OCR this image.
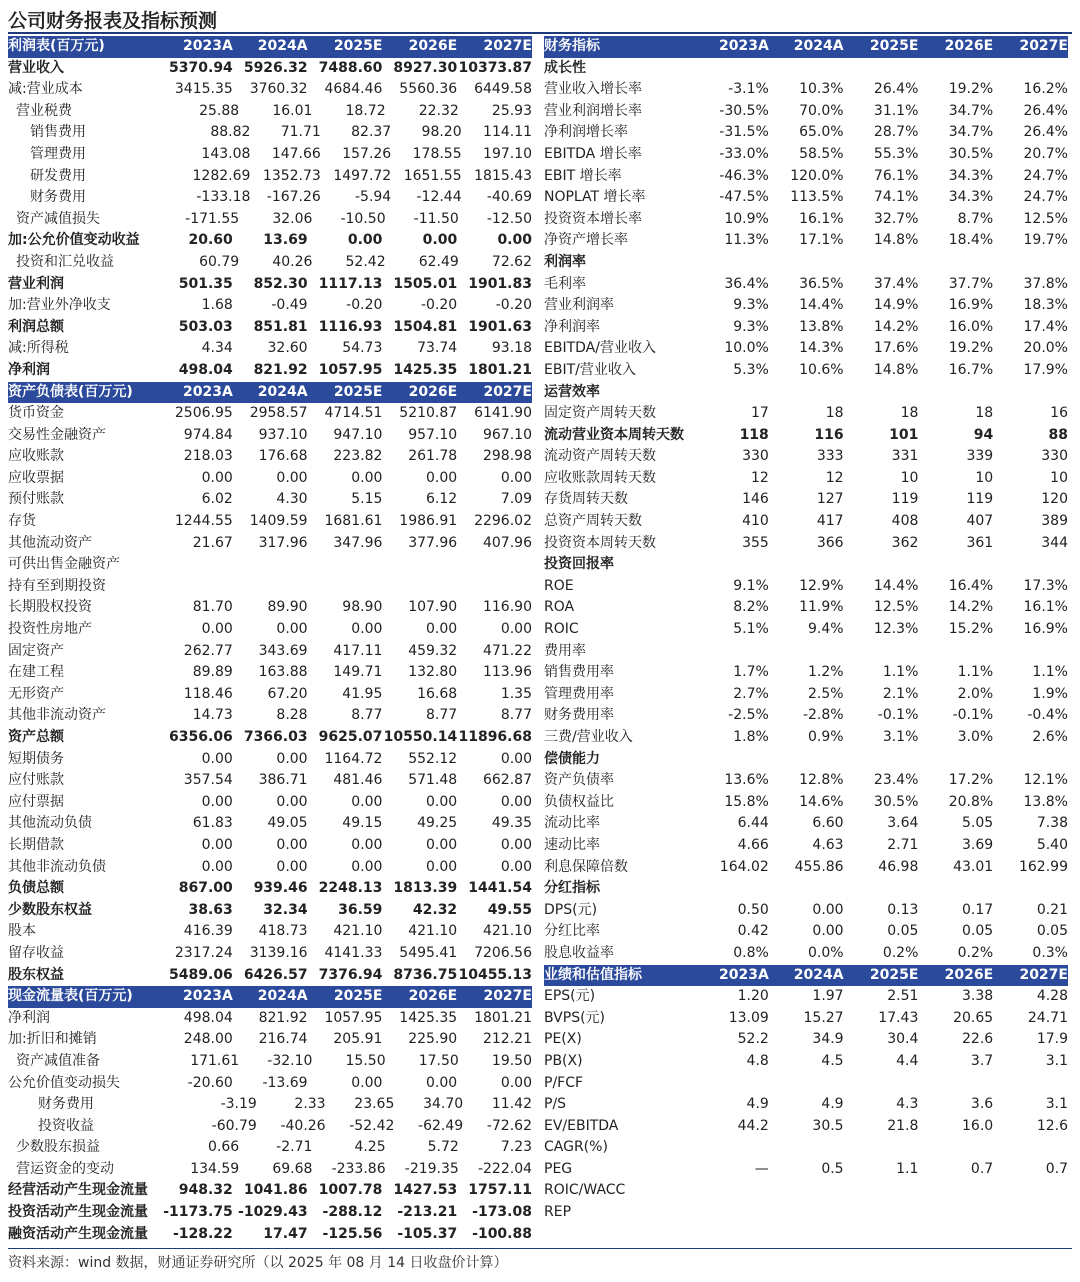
公司财务报表及指标预测
利润表(百万元)	2023A	2024A	2025E	2026E	2027E
营业收入	5370.94 5926.32 7488.60 8927.30 10373.87
减:营业成本	3415.35	3760.32	4684.46	5560.36	6449.58
营业税费	25.88	16.01	18.72	22.32	25.93
销售费用	88.82	71.71	82.37	98.20	114.11
管理费用	143.08	147.66	157.26	178.55	197.10
研发费用	1282.69 1352.73 1497.72 1651.55 1815.43
财务费用	-133.18	-167.26	-5.94	-12.44	-40.69
资产减值损失	-171.55	32.06	-10.50	-11.50	-12.50
加:公允价值变动收益	20.60	13.69	0.00	0.00	0.00
投资和汇兑收益	60.79	40.26	52.42	62.49	72.62
营业利润	501.35	852.30 1117.13 1505.01 1901.83
加:营业外净收支	1.68	-0.49	-0.20	-0.20	-0.20
利润总额	503.03	851.81 1116.93 1504.81 1901.63
减:所得税	4.34	32.60	54.73	73.74	93.18
净利润	498.04	821.92 1057.95 1425.35 1801.21
资产负债表(百万元)	2023A	2024A	2025E	2026E	2027E
货币资金	2506.95	2958.57	4714.51	5210.87	6141.90
交易性金融资产	974.84	937.10	947.10	957.10	967.10
应收账款	218.03	176.68	223.82	261.78	298.98
应收票据	0.00	0.00	0.00	0.00	0.00
预付账款	6.02	4.30	5.15	6.12	7.09
存货	1244.55	1409.59	1681.61	1986.91	2296.02
其他流动资产	21.67	317.96	347.96	377.96	407.96
可供出售金融资产
持有至到期投资
长期股权投资	81.70	89.90	98.90	107.90	116.90
投资性房地产	0.00	0.00	0.00	0.00	0.00
固定资产	262.77	343.69	417.11	459.32	471.22
在建工程	89.89	163.88	149.71	132.80	113.96
无形资产	118.46	67.20	41.95	16.68	1.35
其他非流动资产	14.73	8.28	8.77	8.77	8.77
资产总额	6356.06 7366.03 9625.07 10550.14 11896.68
短期债务	0.00	0.00	1164.72	552.12	0.00
应付账款	357.54	386.71	481.46	571.48	662.87
应付票据	0.00	0.00	0.00	0.00	0.00
其他流动负债	61.83	49.05	49.15	49.25	49.35
长期借款	0.00	0.00	0.00	0.00	0.00
其他非流动负债	0.00	0.00	0.00	0.00	0.00
负债总额	867.00	939.46 2248.13 1813.39 1441.54
少数股东权益	38.63	32.34	36.59	42.32	49.55
股本	416.39	418.73	421.10	421.10	421.10
留存收益	2317.24	3139.16	4141.33	5495.41	7206.56
股东权益	5489.06 6426.57 7376.94 8736.75 10455.13
现金流量表(百万元)	2023A	2024A	2025E	2026E	2027E
净利润	498.04	821.92	1057.95	1425.35	1801.21
加:折旧和摊销	248.00	216.74	205.91	225.90	212.21
资产减值准备	171.61	-32.10	15.50	17.50	19.50
公允价值变动损失	-20.60	-13.69	0.00	0.00	0.00
财务费用	-3.19	2.33	23.65	34.70	11.42
投资收益	-60.79	-40.26	-52.42	-62.49	-72.62
少数股东损益	0.66	-2.71	4.25	5.72	7.23
营运资金的变动	134.59	69.68	-233.86	-219.35	-222.04
经营活动产生现金流量	948.32 1041.86 1007.78 1427.53 1757.11
投资活动产生现金流量	-1173.75 -1029.43	-288.12	-213.21	-173.08
融资活动产生现金流量	-128.22	17.47	-125.56	-105.37	-100.88
财务指标	2023A	2024A	2025E	2026E	2027E
成长性
营业收入增长率	-3.1%	10.3%	26.4%	19.2%	16.2%
营业利润增长率	-30.5%	70.0%	31.1%	34.7%	26.4%
净利润增长率	-31.5%	65.0%	28.7%	34.7%	26.4%
EBITDA 增长率	-33.0%	58.5%	55.3%	30.5%	20.7%
EBIT 增长率	-46.3%	120.0%	76.1%	34.3%	24.7%
NOPLAT 增长率	-47.5%	113.5%	74.1%	34.3%	24.7%
投资资本增长率	10.9%	16.1%	32.7%	8.7%	12.5%
净资产增长率	11.3%	17.1%	14.8%	18.4%	19.7%
利润率
毛利率	36.4%	36.5%	37.4%	37.7%	37.8%
营业利润率	9.3%	14.4%	14.9%	16.9%	18.3%
净利润率	9.3%	13.8%	14.2%	16.0%	17.4%
EBITDA/营业收入	10.0%	14.3%	17.6%	19.2%	20.0%
EBIT/营业收入	5.3%	10.6%	14.8%	16.7%	17.9%
运营效率
固定资产周转天数	17	18	18	18	16
流动营业资本周转天数	118	116	101	94	88
流动资产周转天数	330	333	331	339	330
应收账款周转天数	12	12	10	10	10
存货周转天数	146	127	119	119	120
总资产周转天数	410	417	408	407	389
投资资本周转天数	355	366	362	361	344
投资回报率
ROE	9.1%	12.9%	14.4%	16.4%	17.3%
ROA	8.2%	11.9%	12.5%	14.2%	16.1%
ROIC	5.1%	9.4%	12.3%	15.2%	16.9%
费用率
销售费用率	1.7%	1.2%	1.1%	1.1%	1.1%
管理费用率	2.7%	2.5%	2.1%	2.0%	1.9%
财务费用率	-2.5%	-2.8%	-0.1%	-0.1%	-0.4%
三费/营业收入	1.8%	0.9%	3.1%	3.0%	2.6%
偿债能力
资产负债率	13.6%	12.8%	23.4%	17.2%	12.1%
负债权益比	15.8%	14.6%	30.5%	20.8%	13.8%
流动比率	6.44	6.60	3.64	5.05	7.38
速动比率	4.66	4.63	2.71	3.69	5.40
利息保障倍数	164.02	455.86	46.98	43.01	162.99
分红指标
DPS(元)	0.50	0.00	0.13	0.17	0.21
分红比率	0.42	0.00	0.05	0.05	0.05
股息收益率	0.8%	0.0%	0.2%	0.2%	0.3%
业绩和估值指标	2023A	2024A	2025E	2026E	2027E
EPS(元)	1.20	1.97	2.51	3.38	4.28
BVPS(元)	13.09	15.27	17.43	20.65	24.71
PE(X)	52.2	34.9	30.4	22.6	17.9
PB(X)	4.8	4.5	4.4	3.7	3.1
P/FCF
P/S	4.9	4.9	4.3	3.6	3.1
EV/EBITDA	44.2	30.5	21.8	16.0	12.6
CAGR(%)
PEG	—	0.5	1.1	0.7	0.7
ROIC/WACC
REP
资料来源：wind 数据，财通证券研究所（以 2025 年 08 月 14 日收盘价计算）
